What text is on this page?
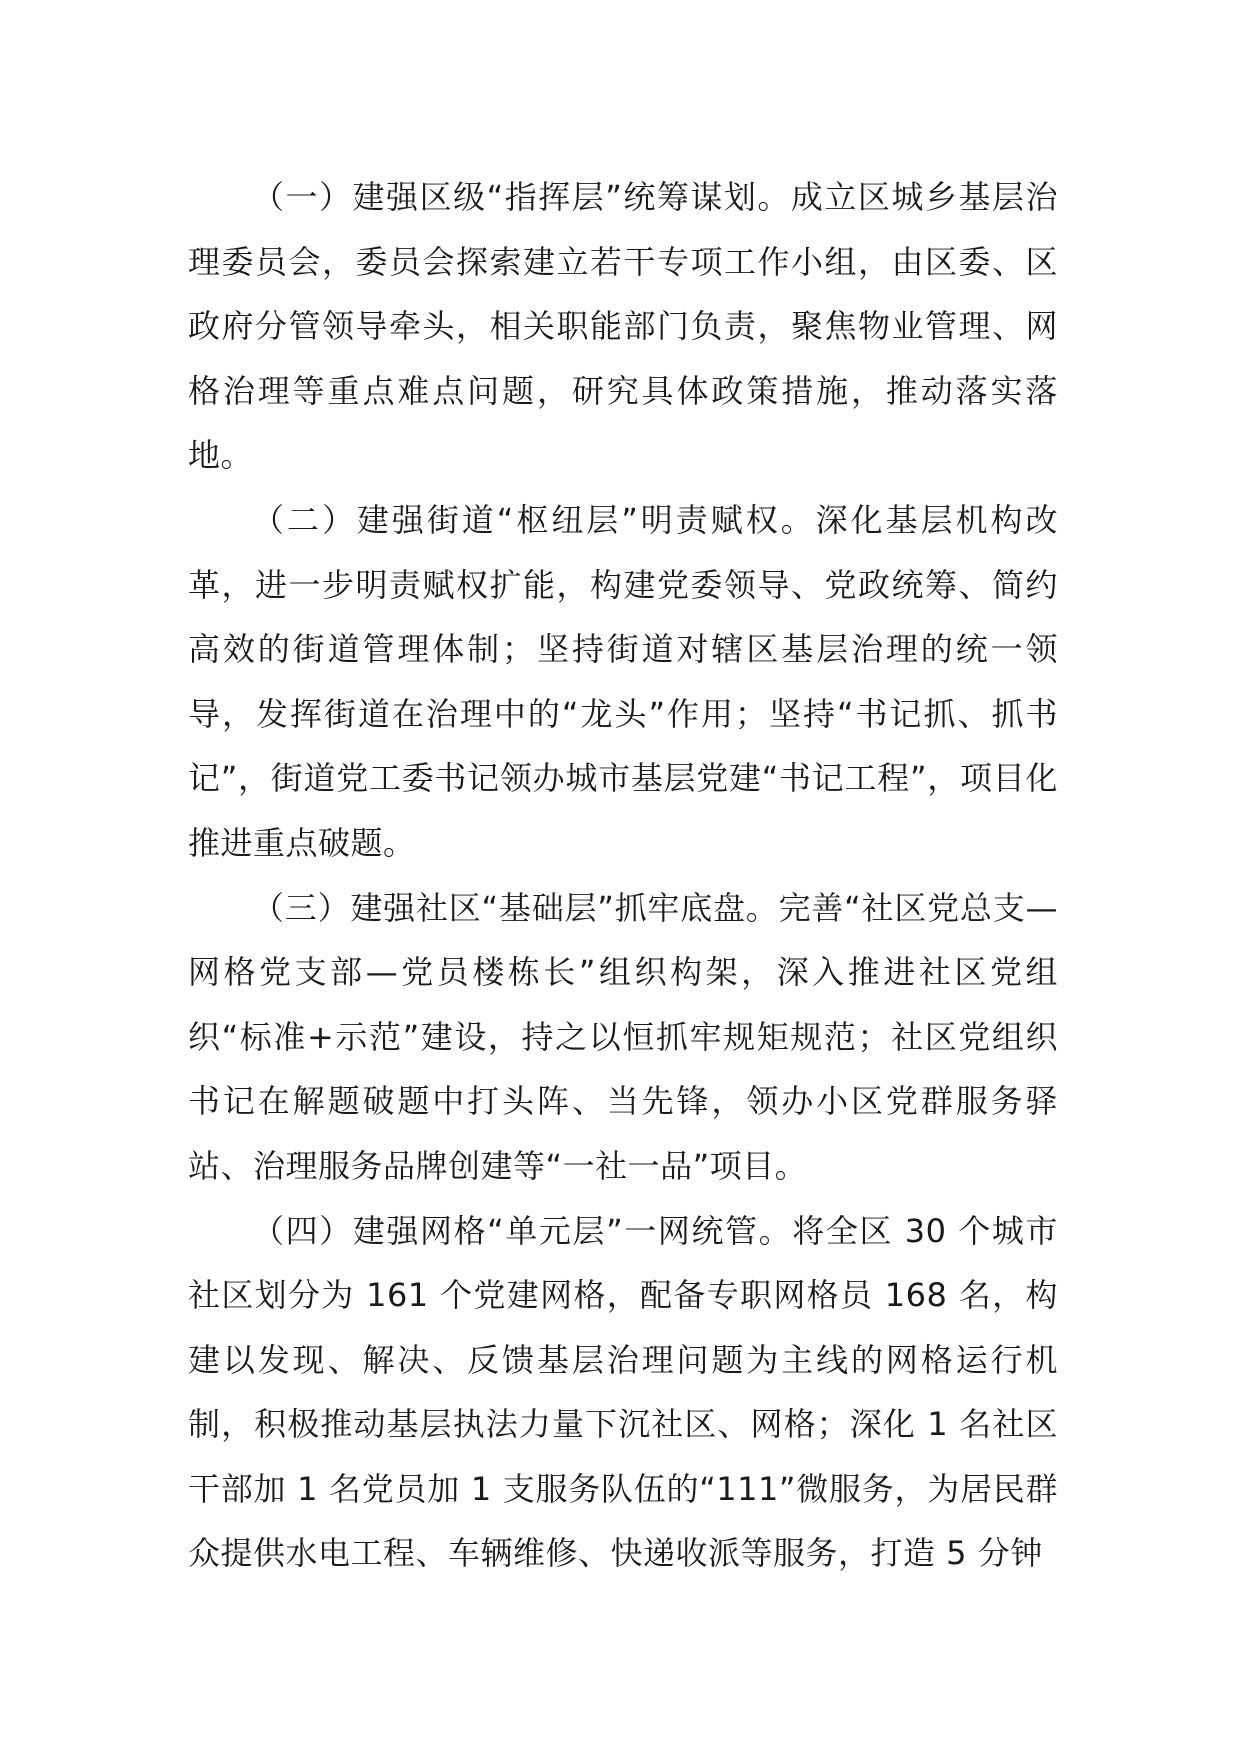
（一）建强区级“指挥层”统筹谋划。成立区城乡基层治理委员会，委员会探索建立若干专项工作小组，由区委、区政府分管领导牵头，相关职能部门负责，聚焦物业管理、网格治理等重点难点问题，研究具体政策措施，推动落实落地。

（二）建强街道“枢纽层”明责赋权。深化基层机构改革，进一步明责赋权扩能，构建党委领导、党政统筹、简约高效的街道管理体制；坚持街道对辖区基层治理的统一领导，发挥街道在治理中的“龙头”作用；坚持“书记抓、抓书记”，街道党工委书记领办城市基层党建“书记工程”，项目化推进重点破题。

（三）建强社区“基础层”抓牢底盘。完善“社区党总支—网格党支部—党员楼栋长”组织构架，深入推进社区党组织“标准+示范”建设，持之以恒抓牢规矩规范；社区党组织书记在解题破题中打头阵、当先锋，领办小区党群服务驿站、治理服务品牌创建等“一社一品”项目。

（四）建强网格“单元层”一网统管。将全区 30 个城市社区划分为 161 个党建网格，配备专职网格员 168 名，构建以发现、解决、反馈基层治理问题为主线的网格运行机制，积极推动基层执法力量下沉社区、网格；深化 1 名社区干部加 1 名党员加 1 支服务队伍的“111”微服务，为居民群众提供水电工程、车辆维修、快递收派等服务，打造 5 分钟
